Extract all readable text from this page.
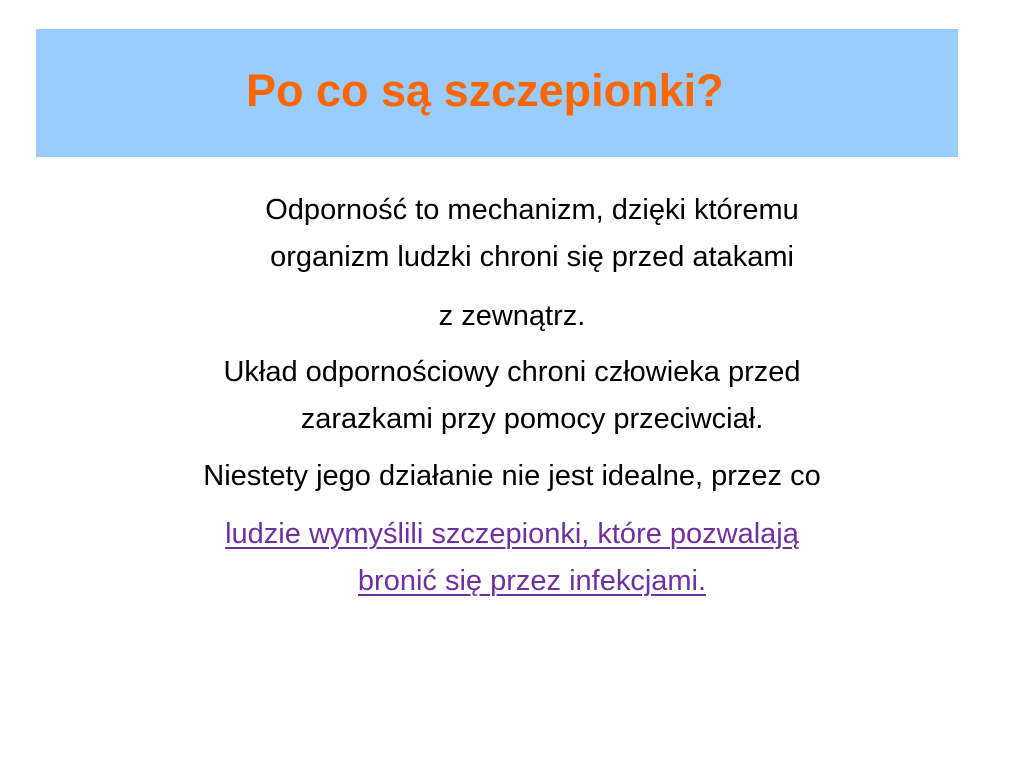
Po co są szczepionki?

Odporność to mechanizm, dzięki któremu

organizm ludzki chroni się przed atakami

z zewnątrz.

Układ odpornościowy chroni człowieka przed

zarazkami przy pomocy przeciwciał.

Niestety jego działanie nie jest idealne, przez co

ludzie wymyślili szczepionki, które pozwalają

bronić się przez infekcjami.
